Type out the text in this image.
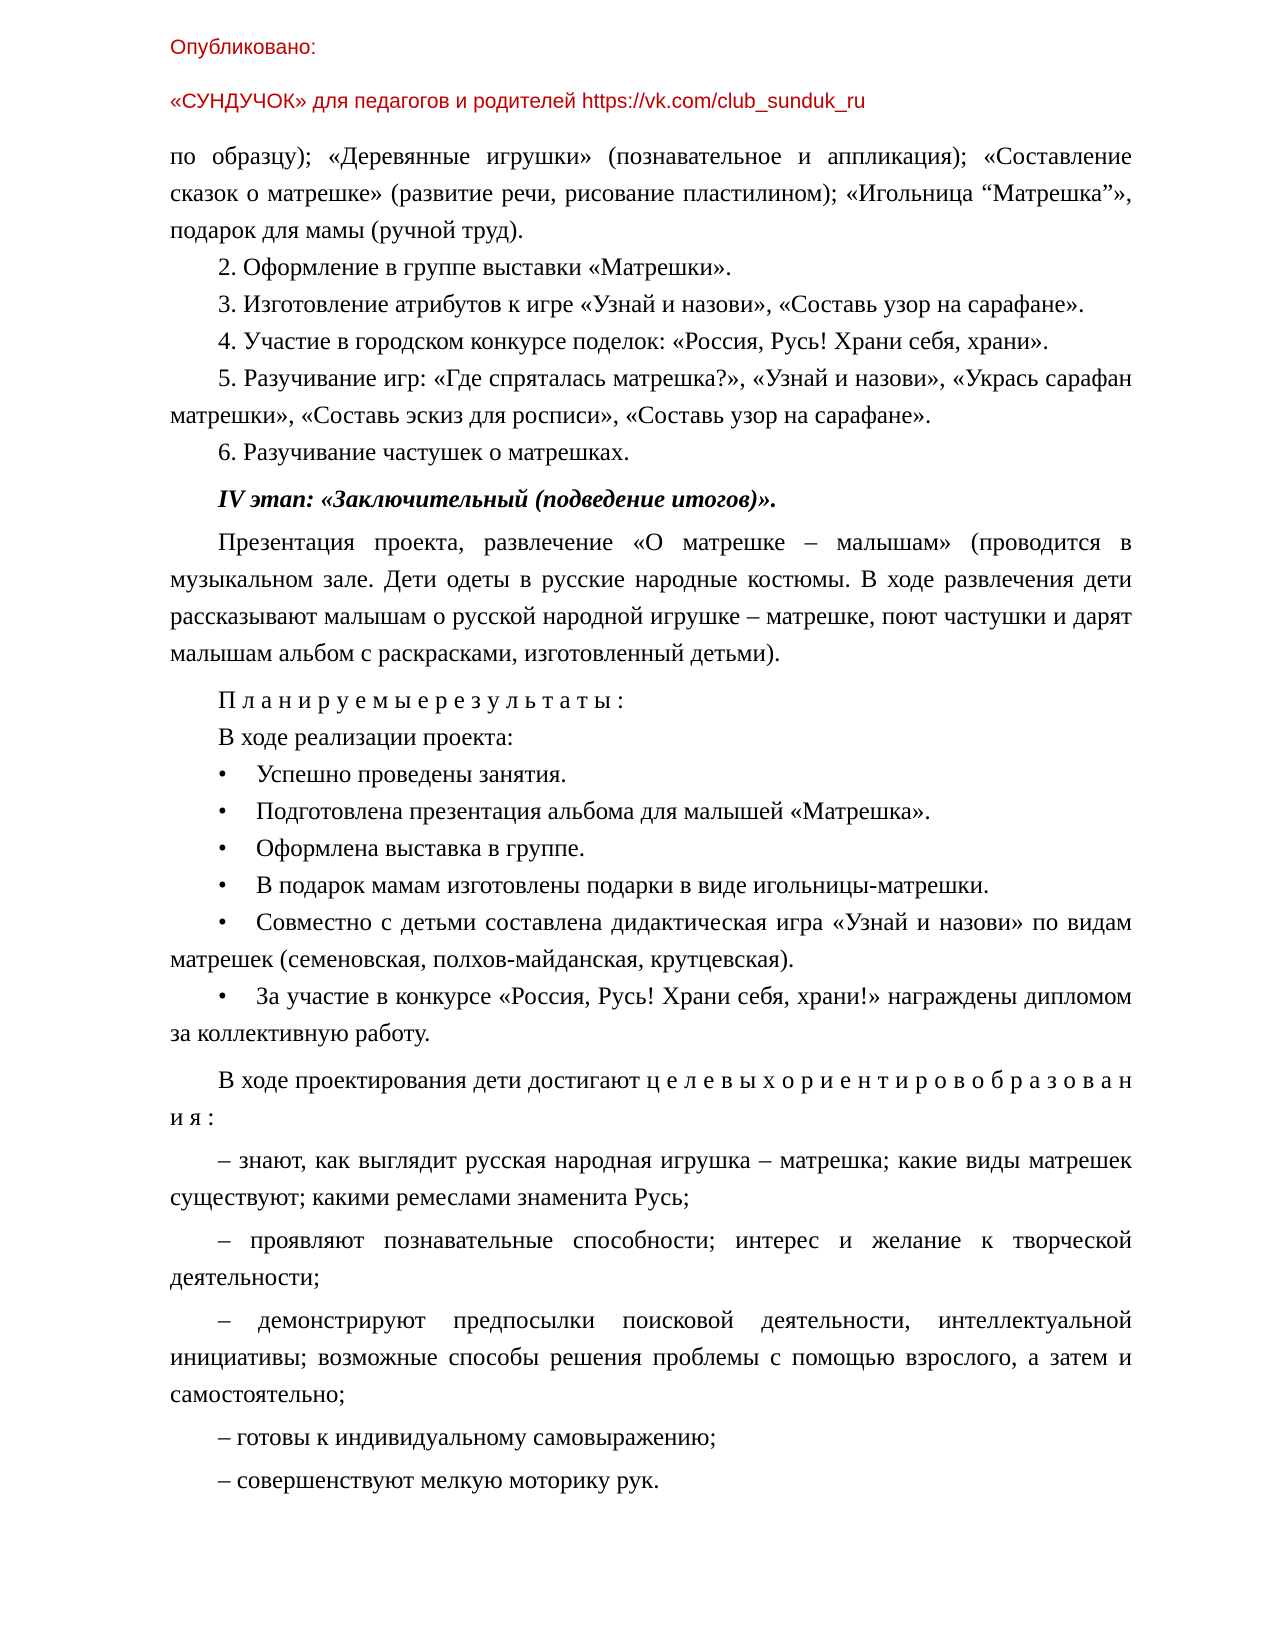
Опубликовано:

«СУНДУЧОК» для педагогов и родителей https://vk.com/club_sunduk_ru

по образцу); «Деревянные игрушки» (познавательное и аппликация); «Составление сказок о матрешке» (развитие речи, рисование пластилином); «Игольница “Матрешка”», подарок для мамы (ручной труд).

2. Оформление в группе выставки «Матрешки».

3. Изготовление атрибутов к игре «Узнай и назови», «Составь узор на сарафане».

4. Участие в городском конкурсе поделок: «Россия, Русь! Храни себя, храни».

5. Разучивание игр: «Где спряталась матрешка?», «Узнай и назови», «Укрась сарафан матрешки», «Составь эскиз для росписи», «Составь узор на сарафане».

6. Разучивание частушек о матрешках.

IV этап: «Заключительный (подведение итогов)».

Презентация проекта, развлечение «О матрешке – малышам» (проводится в музыкальном зале. Дети одеты в русские народные костюмы. В ходе развлечения дети рассказывают малышам о русской народной игрушке – матрешке, поют частушки и дарят малышам альбом с раскрасками, изготовленный детьми).

П л а н и р у е м ы е р е з у л ь т а т ы :

В ходе реализации проекта:

• Успешно проведены занятия.

• Подготовлена презентация альбома для малышей «Матрешка».

• Оформлена выставка в группе.

• В подарок мамам изготовлены подарки в виде игольницы-матрешки.

• Совместно с детьми составлена дидактическая игра «Узнай и назови» по видам матрешек (семеновская, полхов-майданская, крутцевская).

• За участие в конкурсе «Россия, Русь! Храни себя, храни!» награждены дипломом за коллективную работу.

В ходе проектирования дети достигают ц е л е в ы х о р и е н т и р о в о б р а з о в а н и я :

– знают, как выглядит русская народная игрушка – матрешка; какие виды матрешек существуют; какими ремеслами знаменита Русь;

– проявляют познавательные способности; интерес и желание к творческой деятельности;

– демонстрируют предпосылки поисковой деятельности, интеллектуальной инициативы; возможные способы решения проблемы с помощью взрослого, а затем и самостоятельно;

– готовы к индивидуальному самовыражению;

– совершенствуют мелкую моторику рук.
